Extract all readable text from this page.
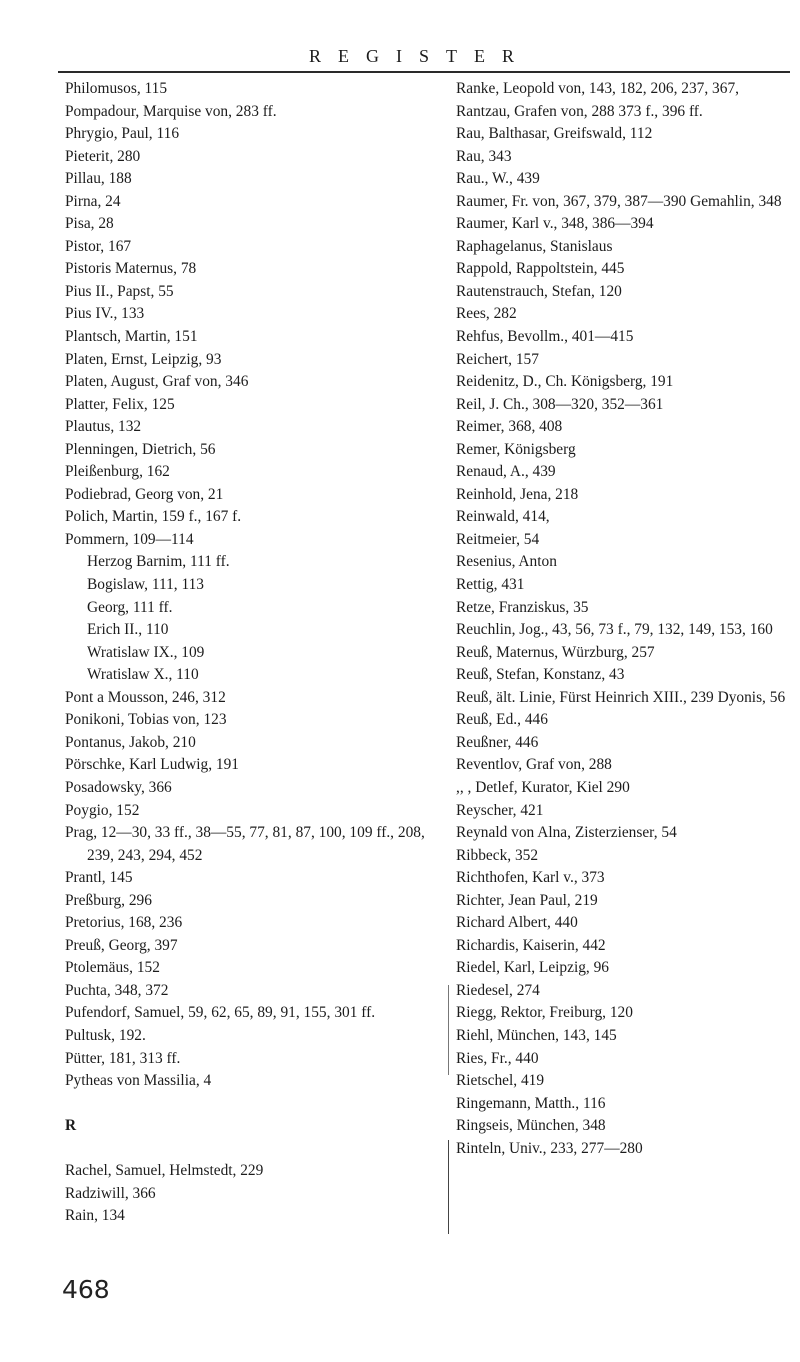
REGISTER
Philomusos, 115
Pompadour, Marquise von, 283 ff.
Phrygio, Paul, 116
Pieterit, 280
Pillau, 188
Pirna, 24
Pisa, 28
Pistor, 167
Pistoris Maternus, 78
Pius II., Papst, 55
Pius IV., 133
Plantsch, Martin, 151
Platen, Ernst, Leipzig, 93
Platen, August, Graf von, 346
Platter, Felix, 125
Plautus, 132
Plenningen, Dietrich, 56
Pleißenburg, 162
Podiebrad, Georg von, 21
Polich, Martin, 159 f., 167 f.
Pommern, 109—114
Herzog Barnim, 111 ff.
Bogislaw, 111, 113
Georg, 111 ff.
Erich II., 110
Wratislaw IX., 109
Wratislaw X., 110
Pont a Mousson, 246, 312
Ponikoni, Tobias von, 123
Pontanus, Jakob, 210
Pörschke, Karl Ludwig, 191
Posadowsky, 366
Poygio, 152
Prag, 12—30, 33 ff., 38—55, 77, 81, 87, 100, 109 ff., 208, 239, 243, 294, 452
Prantl, 145
Preßburg, 296
Pretorius, 168, 236
Preuß, Georg, 397
Ptolemäus, 152
Puchta, 348, 372
Pufendorf, Samuel, 59, 62, 65, 89, 91, 155, 301 ff.
Pultusk, 192.
Pütter, 181, 313 ff.
Pytheas von Massilia, 4
R
Rachel, Samuel, Helmstedt, 229
Radziwill, 366
Rain, 134
Ranke, Leopold von, 143, 182, 206, 237, 367,
Rantzau, Grafen von, 288 373 f., 396 ff.
Rau, Balthasar, Greifswald, 112
Rau, 343
Rau., W., 439
Raumer, Fr. von, 367, 379, 387—390 Gemahlin, 348
Raumer, Karl v., 348, 386—394
Raphagelanus, Stanislaus
Rappold, Rappoltstein, 445
Rautenstrauch, Stefan, 120
Rees, 282
Rehfus, Bevollm., 401—415
Reichert, 157
Reidenitz, D., Ch. Königsberg, 191
Reil, J. Ch., 308—320, 352—361
Reimer, 368, 408
Remer, Königsberg
Renaud, A., 439
Reinhold, Jena, 218
Reinwald, 414,
Reitmeier, 54
Resenius, Anton
Rettig, 431
Retze, Franziskus, 35
Reuchlin, Jog., 43, 56, 73 f., 79, 132, 149, 153, 160
Reuß, Maternus, Würzburg, 257
Reuß, Stefan, Konstanz, 43
Reuß, ält. Linie, Fürst Heinrich XIII., 239 Dyonis, 56
Reuß, Ed., 446
Reußner, 446
Reventlov, Graf von, 288
,, , Detlef, Kurator, Kiel 290
Reyscher, 421
Reynald von Alna, Zisterzienser, 54
Ribbeck, 352
Richthofen, Karl v., 373
Richter, Jean Paul, 219
Richard Albert, 440
Richardis, Kaiserin, 442
Riedel, Karl, Leipzig, 96
Riedesel, 274
Riegg, Rektor, Freiburg, 120
Riehl, München, 143, 145
Ries, Fr., 440
Rietschel, 419
Ringemann, Matth., 116
Ringseis, München, 348
Rinteln, Univ., 233, 277—280
468
